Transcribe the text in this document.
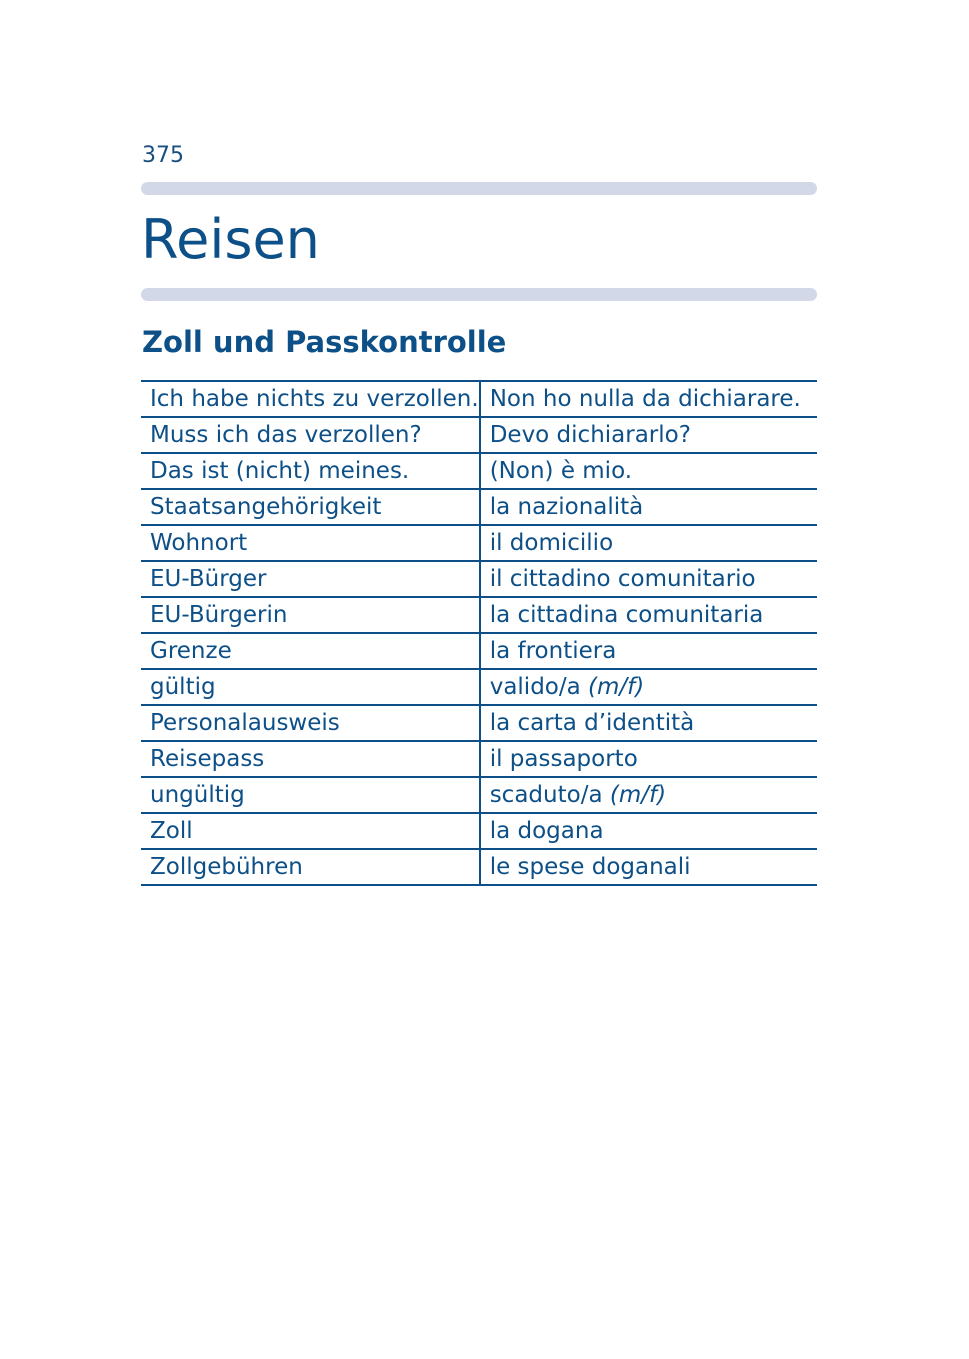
375
Reisen
Zoll und Passkontrolle
Ich habe nichts zu verzollen.	Non ho nulla da dichiarare.
Muss ich das verzollen?	Devo dichiararlo?
Das ist (nicht) meines.	(Non) è mio.
Staatsangehörigkeit	la nazionalità
Wohnort	il domicilio
EU-Bürger	il cittadino comunitario
EU-Bürgerin	la cittadina comunitaria
Grenze	la frontiera
gültig	valido/a (m/f)
Personalausweis	la carta d’identità
Reisepass	il passaporto
ungültig	scaduto/a (m/f)
Zoll	la dogana
Zollgebühren	le spese doganali
